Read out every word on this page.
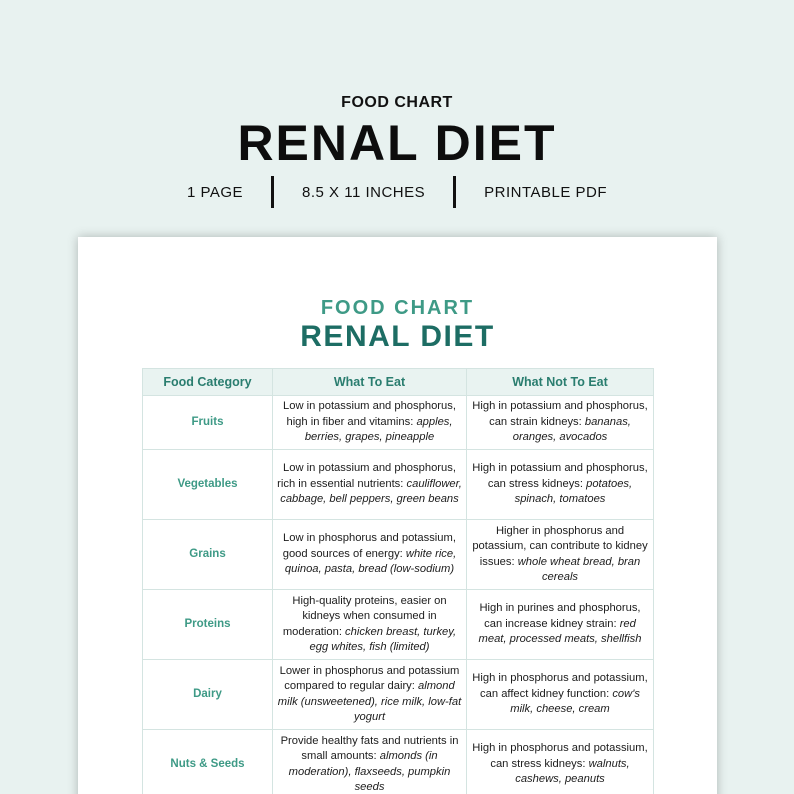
FOOD CHART
RENAL DIET
1 PAGE	8.5 X 11 INCHES	PRINTABLE PDF
FOOD CHART
RENAL DIET
Food Category	What To Eat	What Not To Eat
Fruits	Low in potassium and phosphorus, high in fiber and vitamins: apples, berries, grapes, pineapple	High in potassium and phosphorus, can strain kidneys: bananas, oranges, avocados
Vegetables	Low in potassium and phosphorus, rich in essential nutrients: cauliflower, cabbage, bell peppers, green beans	High in potassium and phosphorus, can stress kidneys: potatoes, spinach, tomatoes
Grains	Low in phosphorus and potassium, good sources of energy: white rice, quinoa, pasta, bread (low-sodium)	Higher in phosphorus and potassium, can contribute to kidney issues: whole wheat bread, bran cereals
Proteins	High-quality proteins, easier on kidneys when consumed in moderation: chicken breast, turkey, egg whites, fish (limited)	High in purines and phosphorus, can increase kidney strain: red meat, processed meats, shellfish
Dairy	Lower in phosphorus and potassium compared to regular dairy: almond milk (unsweetened), rice milk, low-fat yogurt	High in phosphorus and potassium, can affect kidney function: cow's milk, cheese, cream
Nuts & Seeds	Provide healthy fats and nutrients in small amounts: almonds (in moderation), flaxseeds, pumpkin seeds	High in phosphorus and potassium, can stress kidneys: walnuts, cashews, peanuts
